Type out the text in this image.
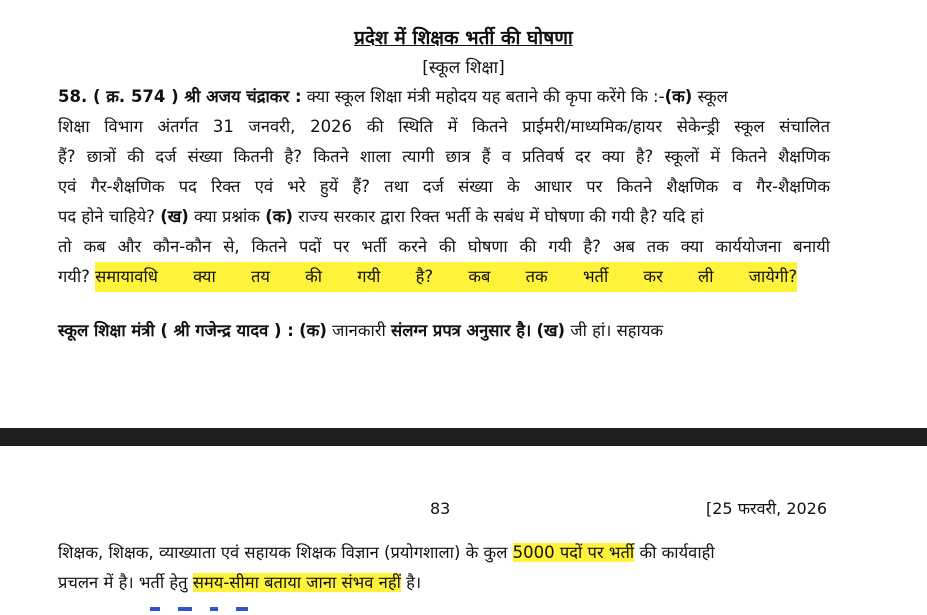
प्रदेश में शिक्षक भर्ती की घोषणा
[स्कूल शिक्षा]
58. ( क्र. 574 ) श्री अजय चंद्राकर : क्या स्कूल शिक्षा मंत्री महोदय यह बताने की कृपा करेंगे कि :-(क) स्कूल
शिक्षा विभाग अंतर्गत 31 जनवरी, 2026 की स्थिति में कितने प्राईमरी/माध्यमिक/हायर सेकेन्ड्री स्कूल संचालित
हैं? छात्रों की दर्ज संख्या कितनी है? कितने शाला त्यागी छात्र हैं व प्रतिवर्ष दर क्या है? स्कूलों में कितने शैक्षणिक
एवं गैर-शैक्षणिक पद रिक्त एवं भरे हुयें हैं? तथा दर्ज संख्या के आधार पर कितने शैक्षणिक व गैर-शैक्षणिक
पद होने चाहिये? (ख) क्या प्रश्नांक (क) राज्य सरकार द्वारा रिक्त भर्ती के सबंध में घोषणा की गयी है? यदि हां
तो कब और कौन-कौन से, कितने पदों पर भर्ती करने की घोषणा की गयी है? अब तक क्या कार्ययोजना बनायी
गयी? समायावधि क्या तय की गयी है? कब तक भर्ती कर ली जायेगी?
स्कूल शिक्षा मंत्री ( श्री गजेन्द्र यादव ) : (क) जानकारी संलग्न प्रपत्र अनुसार है। (ख) जी हां। सहायक
83	[25 फरवरी, 2026
शिक्षक, शिक्षक, व्याख्याता एवं सहायक शिक्षक विज्ञान (प्रयोगशाला) के कुल 5000 पदों पर भर्ती की कार्यवाही
प्रचलन में है। भर्ती हेतु समय-सीमा बताया जाना संभव नहीं है।
